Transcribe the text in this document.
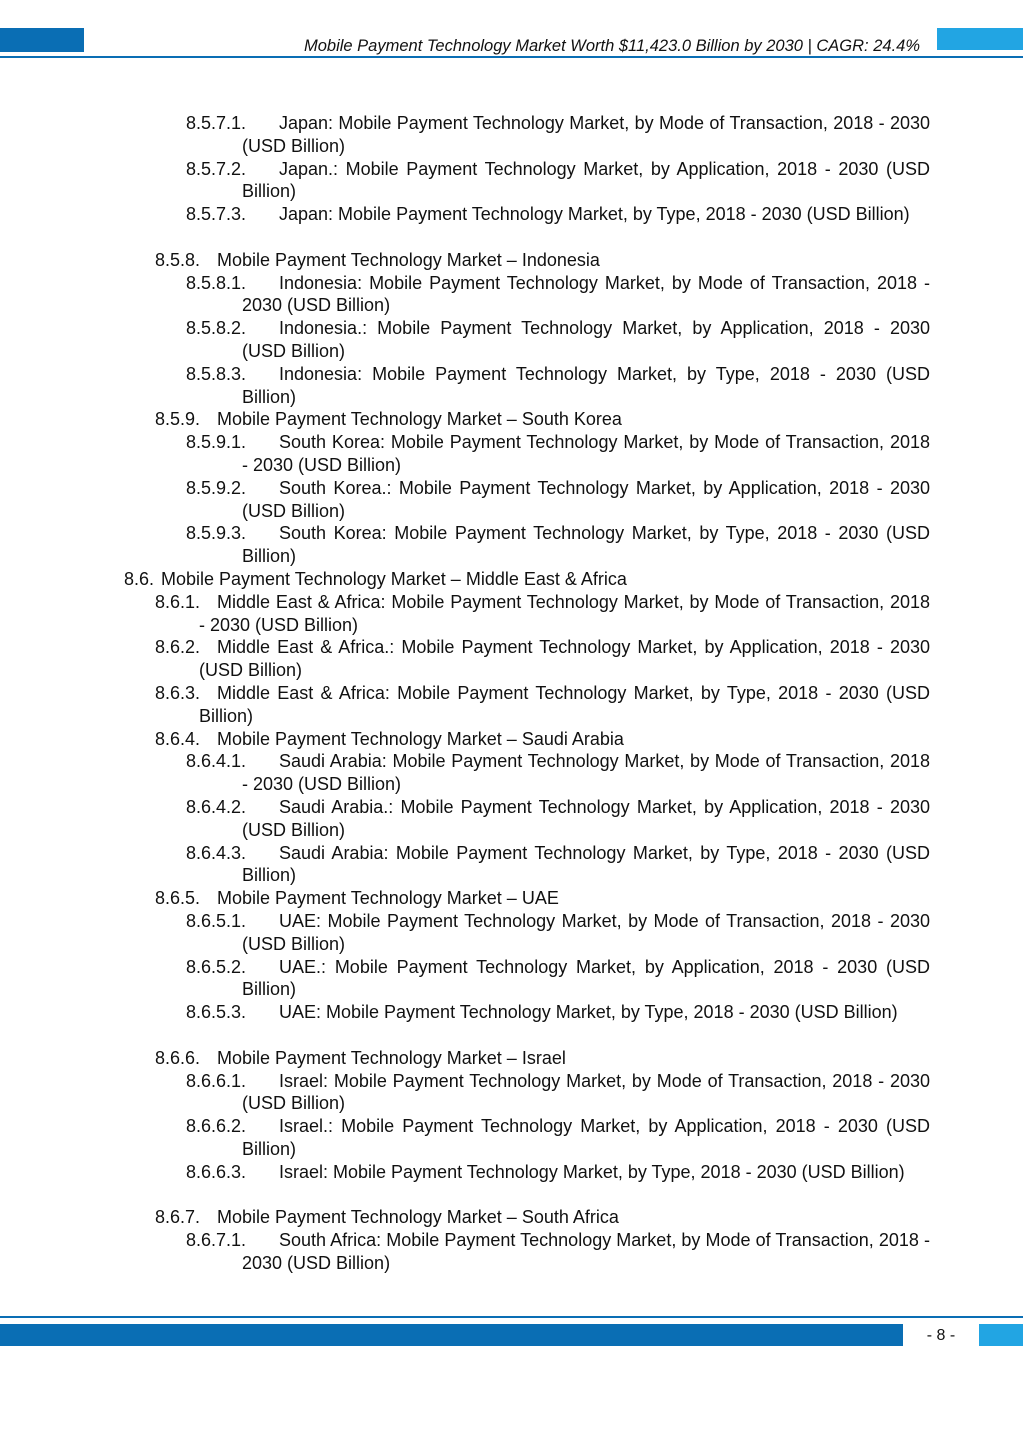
Mobile Payment Technology Market Worth $11,423.0 Billion by 2030 | CAGR: 24.4%
8.5.7.1. Japan: Mobile Payment Technology Market, by Mode of Transaction, 2018 - 2030 (USD Billion)
8.5.7.2. Japan.: Mobile Payment Technology Market, by Application, 2018 - 2030 (USD Billion)
8.5.7.3. Japan: Mobile Payment Technology Market, by Type, 2018 - 2030 (USD Billion)
8.5.8. Mobile Payment Technology Market – Indonesia
8.5.8.1. Indonesia: Mobile Payment Technology Market, by Mode of Transaction, 2018 - 2030 (USD Billion)
8.5.8.2. Indonesia.: Mobile Payment Technology Market, by Application, 2018 - 2030 (USD Billion)
8.5.8.3. Indonesia: Mobile Payment Technology Market, by Type, 2018 - 2030 (USD Billion)
8.5.9. Mobile Payment Technology Market – South Korea
8.5.9.1. South Korea: Mobile Payment Technology Market, by Mode of Transaction, 2018 - 2030 (USD Billion)
8.5.9.2. South Korea.: Mobile Payment Technology Market, by Application, 2018 - 2030 (USD Billion)
8.5.9.3. South Korea: Mobile Payment Technology Market, by Type, 2018 - 2030 (USD Billion)
8.6. Mobile Payment Technology Market – Middle East & Africa
8.6.1. Middle East & Africa: Mobile Payment Technology Market, by Mode of Transaction, 2018 - 2030 (USD Billion)
8.6.2. Middle East & Africa.: Mobile Payment Technology Market, by Application, 2018 - 2030 (USD Billion)
8.6.3. Middle East & Africa: Mobile Payment Technology Market, by Type, 2018 - 2030 (USD Billion)
8.6.4. Mobile Payment Technology Market – Saudi Arabia
8.6.4.1. Saudi Arabia: Mobile Payment Technology Market, by Mode of Transaction, 2018 - 2030 (USD Billion)
8.6.4.2. Saudi Arabia.: Mobile Payment Technology Market, by Application, 2018 - 2030 (USD Billion)
8.6.4.3. Saudi Arabia: Mobile Payment Technology Market, by Type, 2018 - 2030 (USD Billion)
8.6.5. Mobile Payment Technology Market – UAE
8.6.5.1. UAE: Mobile Payment Technology Market, by Mode of Transaction, 2018 - 2030 (USD Billion)
8.6.5.2. UAE.: Mobile Payment Technology Market, by Application, 2018 - 2030 (USD Billion)
8.6.5.3. UAE: Mobile Payment Technology Market, by Type, 2018 - 2030 (USD Billion)
8.6.6. Mobile Payment Technology Market – Israel
8.6.6.1. Israel: Mobile Payment Technology Market, by Mode of Transaction, 2018 - 2030 (USD Billion)
8.6.6.2. Israel.: Mobile Payment Technology Market, by Application, 2018 - 2030 (USD Billion)
8.6.6.3. Israel: Mobile Payment Technology Market, by Type, 2018 - 2030 (USD Billion)
8.6.7. Mobile Payment Technology Market – South Africa
8.6.7.1. South Africa: Mobile Payment Technology Market, by Mode of Transaction, 2018 - 2030 (USD Billion)
- 8 -
